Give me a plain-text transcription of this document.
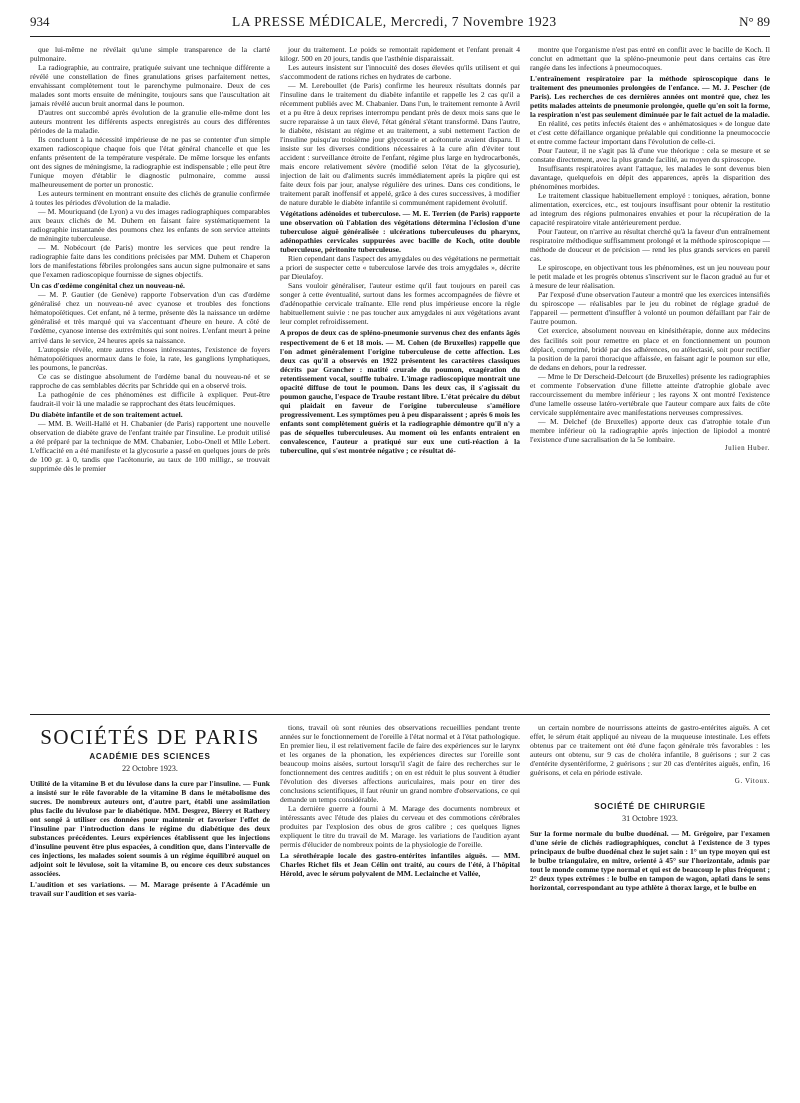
934	LA PRESSE MÉDICALE, Mercredi, 7 Novembre 1923	N° 89

que lui-même ne révélait qu'une simple transparence de la clarté pulmonaire.

La radiographie, au contraire, pratiquée suivant une technique différente a révélé une constellation de fines granulations grises parfaitement nettes, envahissant complètement tout le parenchyme pulmonaire. Deux de ces malades sont morts ensuite de méningite, toujours sans que l'auscultation ait jamais révélé aucun bruit anormal dans le poumon.

D'autres ont succombé après évolution de la granulie elle-même dont les auteurs montrent les différents aspects enregistrés au cours des différentes périodes de la maladie.

Ils concluent à la nécessité impérieuse de ne pas se contenter d'un simple examen radioscopique chaque fois que l'état général chancelle et que les enfants présentent de la température vespérale. De même lorsque les enfants ont des signes de méningisme, la radiographie est indispensable ; elle peut être l'unique moyen d'établir le diagnostic pulmonaire, comme aussi malheureusement de porter un pronostic.

Les auteurs terminent en montrant ensuite des clichés de granulie confirmée à toutes les périodes d'évolution de la maladie.

— M. Mouriquand (de Lyon) a vu des images radiographiques comparables aux beaux clichés de M. Duhem en faisant faire systématiquement la radiographie instantanée des poumons chez les enfants de son service atteints de méningite tuberculeuse.

— M. Nobécourt (de Paris) montre les services que peut rendre la radiographie faite dans les conditions précisées par MM. Duhem et Chaperon lors de manifestations fébriles prolongées sans aucun signe pulmonaire et sans que l'examen radioscopique fournisse de signes objectifs.

Un cas d'œdème congénital chez un nouveau-né.

— M. P. Gautier (de Genève) rapporte l'observation d'un cas d'œdème généralisé chez un nouveau-né avec cyanose et troubles des fonctions hématopoïétiques. Cet enfant, né à terme, présente dès la naissance un œdème généralisé et très marqué qui va s'accentuant d'heure en heure. A côté de l'œdème, cyanose intense des extrémités qui sont noires. L'enfant meurt à peine arrivé dans le service, 24 heures après sa naissance.

L'autopsie révèle, entre autres choses intéressantes, l'existence de foyers hématopoïétiques anormaux dans le foie, la rate, les ganglions lymphatiques, les poumons, le pancréas.

Ce cas se distingue absolument de l'œdème banal du nouveau-né et se rapproche de cas semblables décrits par Schridde qui en a observé trois.

La pathogénie de ces phénomènes est difficile à expliquer. Peut-être faudrait-il voir là une maladie se rapprochant des états leucémiques.

Du diabète infantile et de son traitement actuel.

— MM. B. Weill-Hallé et H. Chabanier (de Paris) rapportent une nouvelle observation de diabète grave de l'enfant traitée par l'insuline. Le produit utilisé a été préparé par la technique de MM. Chabanier, Lobo-Onell et Mlle Lebert. L'efficacité en a été manifeste et la glycosurie a passé en quelques jours de près de 100 gr. à 0, tandis que l'acétonurie, au taux de 100 milligr., se trouvait supprimée dès le premier

jour du traitement. Le poids se remontait rapidement et l'enfant prenait 4 kilogr. 500 en 20 jours, tandis que l'asthénie disparaissait.

Les auteurs insistent sur l'innocuité des doses élevées qu'ils utilisent et qui s'accommodent de rations riches en hydrates de carbone.

— M. Lereboullet (de Paris) confirme les heureux résultats donnés par l'insuline dans le traitement du diabète infantile et rappelle les 2 cas qu'il a récemment publiés avec M. Chabanier. Dans l'un, le traitement remonte à Avril et a pu être à deux reprises interrompu pendant près de deux mois sans que le sucre reparaisse à un taux élevé, l'état général s'étant transformé. Dans l'autre, le diabète, résistant au régime et au traitement, a subi nettement l'action de l'insuline puisqu'au troisième jour glycosurie et acétonurie avaient disparu. Il insiste sur les diverses conditions nécessaires à la cure afin d'éviter tout accident : surveillance étroite de l'enfant, régime plus large en hydrocarbonés, mais encore relativement sévère (modifié selon l'état de la glycosurie), injection de lait ou d'aliments sucrés immédiatement après la piqûre qui est faite deux fois par jour, analyse régulière des urines. Dans ces conditions, le traitement paraît inoffensif et appelé, grâce à des cures successives, à modifier de nature durable le diabète infantile si communément rapidement évolutif.

Végétations adénoïdes et tuberculose. — M. E. Terrien (de Paris) rapporte une observation où l'ablation des végétations détermina l'éclosion d'une tuberculose aiguë généralisée : ulcérations tuberculeuses du pharynx, adénopathies cervicales suppurées avec bacille de Koch, otite double tuberculeuse, péritonite tuberculeuse.

Rien cependant dans l'aspect des amygdales ou des végétations ne permettait a priori de suspecter cette « tuberculose larvée des trois amygdales », décrite par Dieulafoy.

Sans vouloir généraliser, l'auteur estime qu'il faut toujours en pareil cas songer à cette éventualité, surtout dans les formes accompagnées de fièvre et d'adénopathie cervicale traînante. Elle rend plus impérieuse encore la règle habituellement suivie : ne pas toucher aux amygdales ni aux végétations avant leur complet refroidissement.

A propos de deux cas de spléno-pneumonie survenus chez des enfants âgés respectivement de 6 et 18 mois. — M. Cohen (de Bruxelles) rappelle que l'on admet généralement l'origine tuberculeuse de cette affection. Les deux cas qu'il a observés en 1922 présentent les caractères classiques décrits par Grancher : matité crurale du poumon, exagération du retentissement vocal, souffle tubaire. L'image radioscopique montrait une opacité diffuse de tout le poumon. Dans les deux cas, il s'agissait du poumon gauche, l'espace de Traube restant libre. L'état précaire du début qui plaidait en faveur de l'origine tuberculeuse s'améliore progressivement. Les symptômes peu à peu disparaissent ; après 6 mois les enfants sont complètement guéris et la radiographie démontre qu'il n'y a pas de séquelles tuberculeuses. Au moment où les enfants entraient en convalescence, l'auteur a pratiqué sur eux une cuti-réaction à la tuberculine, qui s'est montrée négative ; ce résultat dé-

montre que l'organisme n'est pas entré en conflit avec le bacille de Koch. Il conclut en admettant que la spléno-pneumonie peut dans certains cas être rangée dans les infections à pneumocoques.

L'entraînement respiratoire par la méthode spiroscopique dans le traitement des pneumonies prolongées de l'enfance. — M. J. Pescher (de Paris). Les recherches de ces dernières années ont montré que, chez les petits malades atteints de pneumonie prolongée, quelle qu'en soit la forme, la respiration n'est pas seulement diminuée par le fait actuel de la maladie.

En réalité, ces petits infectés étaient des « anhématosiques » de longue date et c'est cette défaillance organique préalable qui conditionne la pneumococcie et entre comme facteur important dans l'évolution de celle-ci.

Pour l'auteur, il ne s'agit pas là d'une vue théorique : cela se mesure et se constate directement, avec la plus grande facilité, au moyen du spiroscope.

Insuffisants respiratoires avant l'attaque, les malades le sont devenus bien davantage, quelquefois en dépit des apparences, après la disparition des phénomènes morbides.

Le traitement classique habituellement employé : toniques, aération, bonne alimentation, exercices, etc., est toujours insuffisant pour obtenir la restitutio ad integrum des régions pulmonaires envahies et pour la récupération de la capacité respiratoire vitale antérieurement perdue.

Pour l'auteur, on n'arrive au résultat cherché qu'à la faveur d'un entraînement respiratoire méthodique suffisamment prolongé et la méthode spiroscopique — méthode de douceur et de précision — rend les plus grands services en pareil cas.

Le spiroscope, en objectivant tous les phénomènes, est un jeu nouveau pour le petit malade et les progrès obtenus s'inscrivent sur le flacon gradué au fur et à mesure de leur réalisation.

Par l'exposé d'une observation l'auteur a montré que les exercices intensifiés du spiroscope — réalisables par le jeu du robinet de réglage gradué de l'appareil — permettent d'insuffler à volonté un poumon défaillant par l'air de l'autre poumon.

Cet exercice, absolument nouveau en kinésithérapie, donne aux médecins des facilités soit pour remettre en place et en fonctionnement un poumon déplacé, comprimé, bridé par des adhérences, ou atélectasié, soit pour rectifier la position de la paroi thoracique affaissée, en faisant agir le poumon sur elle, de dedans en dehors, pour la redresser.

— Mme le Dr Derscheid-Delcourt (de Bruxelles) présente les radiographies et commente l'observation d'une fillette atteinte d'atrophie globale avec raccourcissement du membre inférieur ; les rayons X ont montré l'existence d'une lamelle osseuse latéro-vertébrale que l'auteur compare aux faits de côte cervicale supplémentaire avec manifestations nerveuses compressives.

— M. Delchef (de Bruxelles) apporte deux cas d'atrophie totale d'un membre inférieur où la radiographie après injection de lipiodol a montré l'existence d'une sacralisation de la 5e lombaire.

Julien Huber.

SOCIÉTÉS DE PARIS
ACADÉMIE DES SCIENCES
22 Octobre 1923.

Utilité de la vitamine B et du lévulose dans la cure par l'insuline. — Funk a insisté sur le rôle favorable de la vitamine B dans le métabolisme des sucres. De nombreux auteurs ont, d'autre part, établi une assimilation plus facile du lévulose par le diabétique. MM. Desgrez, Bierry et Rathery ont songé à utiliser ces données pour maintenir et favoriser l'effet de l'insuline par l'introduction dans le régime du diabétique des deux substances précédentes. Leurs expériences établissent que les injections d'insuline peuvent être plus espacées, à condition que, dans l'intervalle de ces injections, les malades soient soumis à un régime équilibré auquel on adjoint soit le lévulose, soit la vitamine B, ou encore ces deux substances associées.

L'audition et ses variations. — M. Marage présente à l'Académie un travail sur l'audition et ses varia-

tions, travail où sont réunies des observations recueillies pendant trente années sur le fonctionnement de l'oreille à l'état normal et à l'état pathologique. En premier lieu, il est relativement facile de faire des expériences sur le larynx et les organes de la phonation, les expériences directes sur l'oreille sont beaucoup moins aisées, surtout lorsqu'il s'agit de faire des recherches sur le fonctionnement des centres auditifs ; on en est réduit le plus souvent à étudier l'évolution des diverses affections auriculaires, mais pour en tirer des conclusions scientifiques, il faut réunir un grand nombre d'observations, ce qui demande un temps considérable.

La dernière guerre a fourni à M. Marage des documents nombreux et intéressants avec l'étude des plaies du cerveau et des commotions cérébrales produites par l'explosion des obus de gros calibre ; ces quelques lignes expliquent le titre du travail de M. Marage. les variations de l'audition ayant permis d'élucider de nombreux points de la physiologie de l'oreille.

La sérothérapie locale des gastro-entérites infantiles aiguës. — MM. Charles Richet fils et Jean Célin ont traité, au cours de l'été, à l'hôpital Hérold, avec le sérum polyvalent de MM. Leclainche et Vallée,

un certain nombre de nourrissons atteints de gastro-entérites aiguës. A cet effet, le sérum était appliqué au niveau de la muqueuse intestinale. Les effets obtenus par ce traitement ont été d'une façon générale très favorables : les auteurs ont obtenu, sur 9 cas de choléra infantile, 8 guérisons ; sur 2 cas d'entérite dysentériforme, 2 guérisons ; sur 20 cas d'entérites aiguës, enfin, 16 guérisons, et cela en période estivale.

G. Vitoux.

SOCIÉTÉ DE CHIRURGIE
31 Octobre 1923.

Sur la forme normale du bulbe duodénal. — M. Grégoire, par l'examen d'une série de clichés radiographiques, conclut à l'existence de 3 types principaux de bulbe duodénal chez le sujet sain : 1° un type moyen qui est le bulbe triangulaire, en mitre, orienté à 45° sur l'horizontale, admis par tout le monde comme type normal et qui est de beaucoup le plus fréquent ; 2° deux types extrêmes : le bulbe en tampon de wagon, aplati dans le sens horizontal, correspondant au type athlète à thorax large, et le bulbe en
